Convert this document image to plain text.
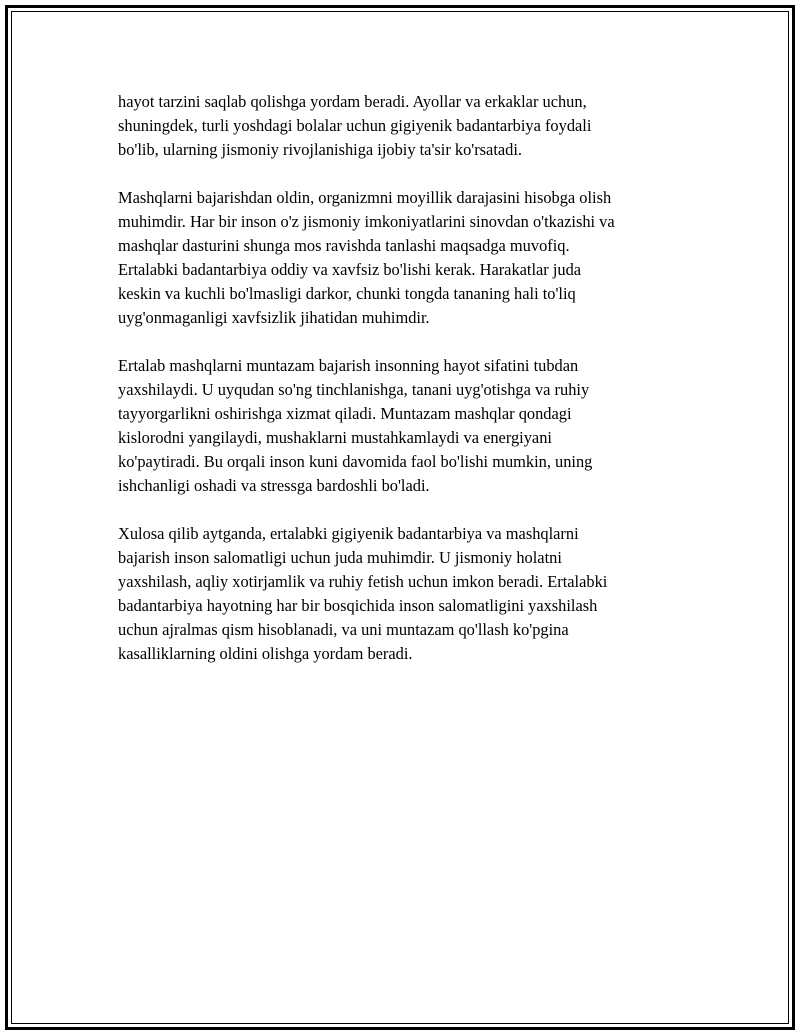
hayot tarzini saqlab qolishga yordam beradi. Ayollar va erkaklar uchun,
shuningdek, turli yoshdagi bolalar uchun gigiyenik badantarbiya foydali
bo'lib, ularning jismoniy rivojlanishiga ijobiy ta'sir ko'rsatadi.

Mashqlarni bajarishdan oldin, organizmni moyillik darajasini hisobga olish
muhimdir. Har bir inson o'z jismoniy imkoniyatlarini sinovdan o'tkazishi va
mashqlar dasturini shunga mos ravishda tanlashi maqsadga muvofiq.
Ertalabki badantarbiya oddiy va xavfsiz bo'lishi kerak. Harakatlar juda
keskin va kuchli bo'lmasligi darkor, chunki tongda tananing hali to'liq
uyg'onmaganligi xavfsizlik jihatidan muhimdir.

Ertalab mashqlarni muntazam bajarish insonning hayot sifatini tubdan
yaxshilaydi. U uyqudan so'ng tinchlanishga, tanani uyg'otishga va ruhiy
tayyorgarlikni oshirishga xizmat qiladi. Muntazam mashqlar qondagi
kislorodni yangilaydi, mushaklarni mustahkamlaydi va energiyani
ko'paytiradi. Bu orqali inson kuni davomida faol bo'lishi mumkin, uning
ishchanligi oshadi va stressga bardoshli bo'ladi.

Xulosa qilib aytganda, ertalabki gigiyenik badantarbiya va mashqlarni
bajarish inson salomatligi uchun juda muhimdir. U jismoniy holatni
yaxshilash, aqliy xotirjamlik va ruhiy fetish uchun imkon beradi. Ertalabki
badantarbiya hayotning har bir bosqichida inson salomatligini yaxshilash
uchun ajralmas qism hisoblanadi, va uni muntazam qo'llash ko'pgina
kasalliklarning oldini olishga yordam beradi.
